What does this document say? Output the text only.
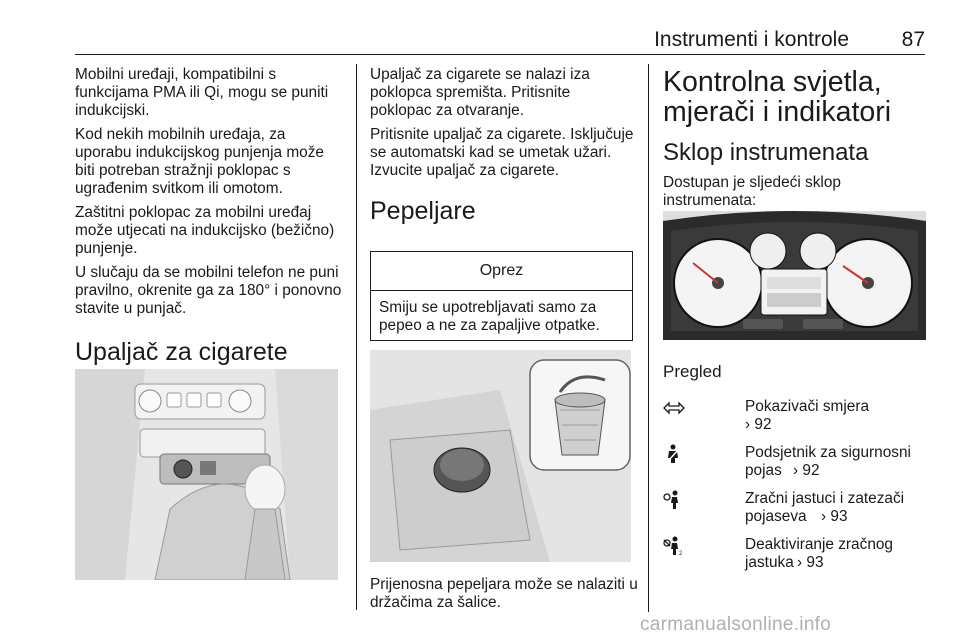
Instrumenti i kontrole	87

Mobilni uređaji, kompatibilni s funkcijama PMA ili Qi, mogu se puniti indukcijski.

Kod nekih mobilnih uređaja, za uporabu indukcijskog punjenja može biti potreban stražnji poklopac s ugrađenim svitkom ili omotom.

Zaštitni poklopac za mobilni uređaj može utjecati na indukcijsko (bežično) punjenje.

U slučaju da se mobilni telefon ne puni pravilno, okrenite ga za 180° i ponovno stavite u punjač.

Upaljač za cigarete

Upaljač za cigarete se nalazi iza poklopca spremišta. Pritisnite poklopac za otvaranje.

Pritisnite upaljač za cigarete. Isključuje se automatski kad se umetak užari. Izvucite upaljač za cigarete.

Pepeljare
Oprez
Smiju se upotrebljavati samo za pepeo a ne za zapaljive otpatke.

Prijenosna pepeljara može se nalaziti u držačima za šalice.

Kontrolna svjetla, mjerači i indikatori
Sklop instrumenata

Dostupan je sljedeći sklop instrumenata:

Pregled
Pokazivači smjera
› 92
Podsjetnik za sigurnosni pojas › 92
Zračni jastuci i zatezači pojaseva › 93
2
Deaktiviranje zračnog jastuka › 93
carmanualsonline.info
